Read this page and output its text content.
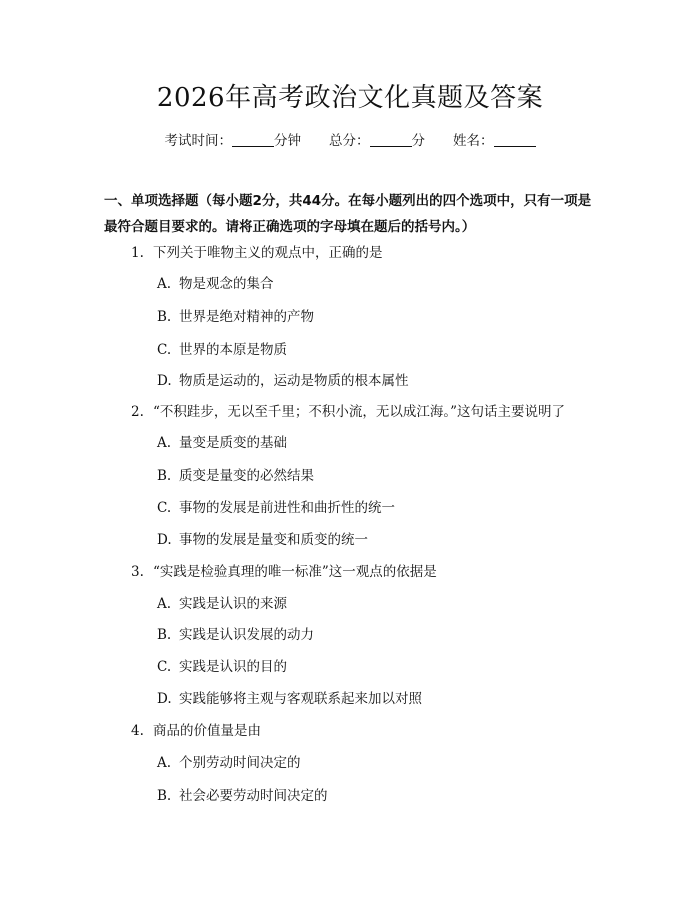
2026年高考政治文化真题及答案
考试时间：	分钟 总分：	分 姓名：
一、单项选择题（每小题2分，共44分。在每小题列出的四个选项中，只有一项是最符合题目要求的。请将正确选项的字母填在题后的括号内。）
1. 下列关于唯物主义的观点中，正确的是
A. 物是观念的集合
B. 世界是绝对精神的产物
C. 世界的本原是物质
D. 物质是运动的，运动是物质的根本属性
2. “不积跬步，无以至千里；不积小流，无以成江海。”这句话主要说明了
A. 量变是质变的基础
B. 质变是量变的必然结果
C. 事物的发展是前进性和曲折性的统一
D. 事物的发展是量变和质变的统一
3. “实践是检验真理的唯一标准”这一观点的依据是
A. 实践是认识的来源
B. 实践是认识发展的动力
C. 实践是认识的目的
D. 实践能够将主观与客观联系起来加以对照
4. 商品的价值量是由
A. 个别劳动时间决定的
B. 社会必要劳动时间决定的
